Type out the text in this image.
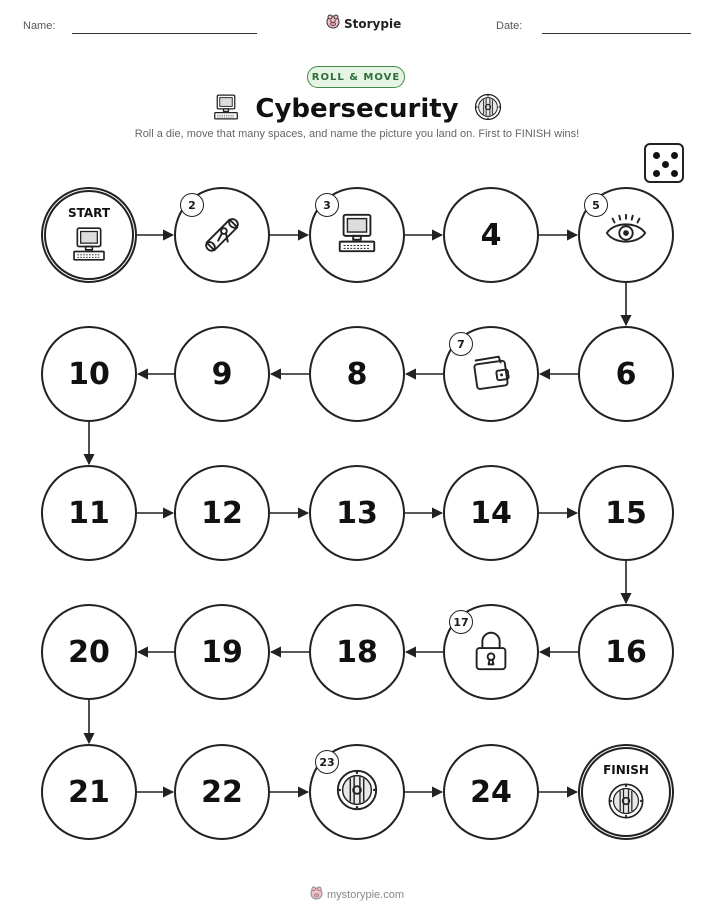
Name:	Storypie	Date:
ROLL & MOVE
Cybersecurity
Roll a die, move that many spaces, and name the picture you land on. First to FINISH wins!
START
2	3
4
5
6
7
8
9
10
11	12	13	14	15
16
17
18
19
20
21	22
23
24
FINISH
mystorypie.com
